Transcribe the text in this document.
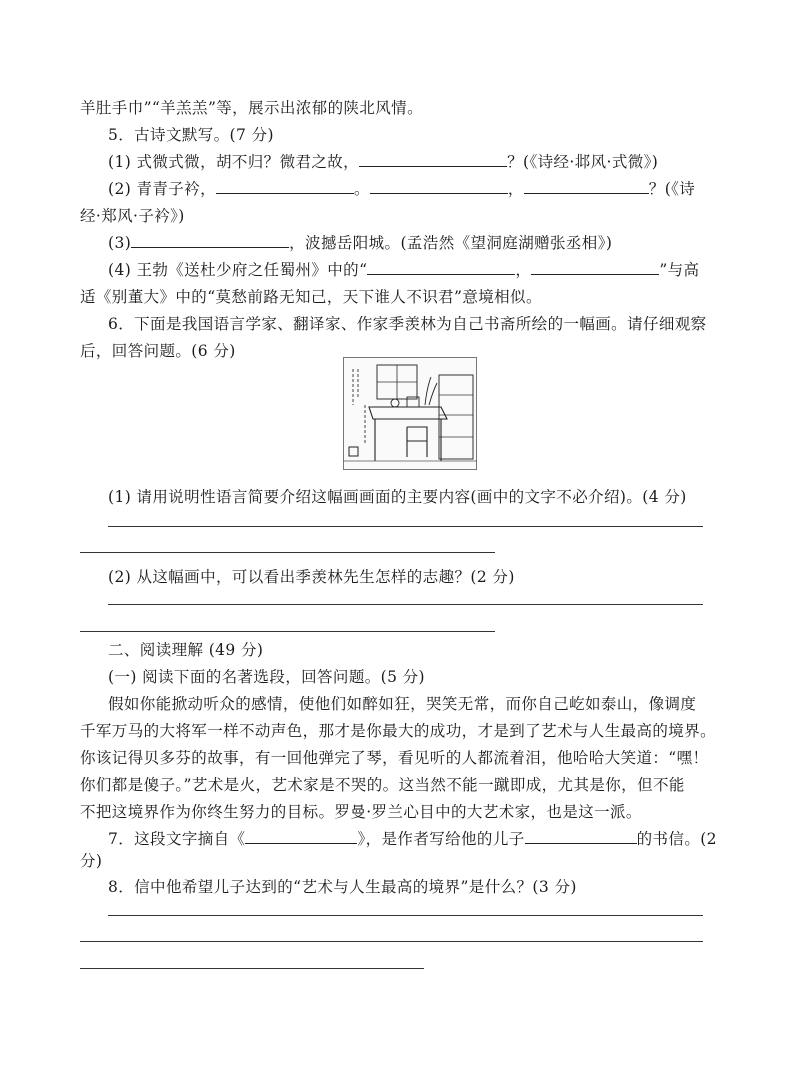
羊肚手巾”“羊羔羔”等，展示出浓郁的陕北风情。
5．古诗文默写。(7 分)
(1) 式微式微，胡不归？微君之故，	？(《诗经·邶风·式微》)
(2) 青青子衿，	。	，	？(《诗
经·郑风·子衿》)
(3)	，波撼岳阳城。(孟浩然《望洞庭湖赠张丞相》)
(4) 王勃《送杜少府之任蜀州》中的“	，	”与高
适《别董大》中的“莫愁前路无知己，天下谁人不识君”意境相似。
6．下面是我国语言学家、翻译家、作家季羡林为自己书斋所绘的一幅画。请仔细观察
后，回答问题。(6 分)
(1) 请用说明性语言简要介绍这幅画画面的主要内容(画中的文字不必介绍)。(4 分)
(2) 从这幅画中，可以看出季羡林先生怎样的志趣？(2 分)
二、阅读理解 (49 分)
(一) 阅读下面的名著选段，回答问题。(5 分)
假如你能掀动听众的感情，使他们如醉如狂，哭笑无常，而你自己屹如泰山，像调度
千军万马的大将军一样不动声色，那才是你最大的成功，才是到了艺术与人生最高的境界。
你该记得贝多芬的故事，有一回他弹完了琴，看见听的人都流着泪，他哈哈大笑道：“嘿！
你们都是傻子。”艺术是火，艺术家是不哭的。这当然不能一蹴即成，尤其是你，但不能
不把这境界作为你终生努力的目标。罗曼·罗兰心目中的大艺术家，也是这一派。
7．这段文字摘自《	》，是作者写给他的儿子	的书信。(2
分)
8．信中他希望儿子达到的“艺术与人生最高的境界”是什么？(3 分)
